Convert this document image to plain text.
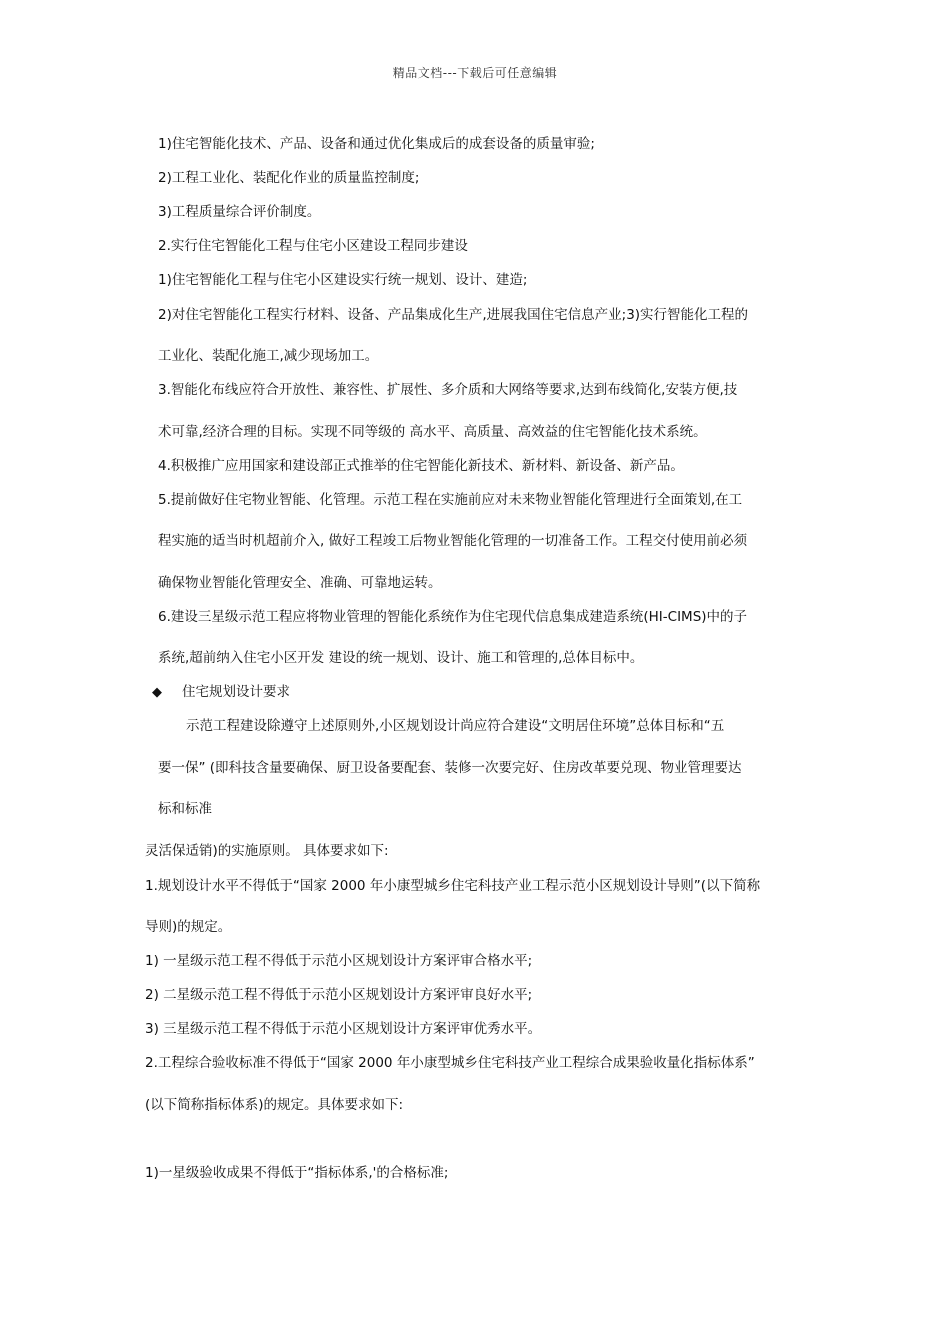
精品文档---下载后可任意编辑
1)住宅智能化技术、产品、设备和通过优化集成后的成套设备的质量审验;
2)工程工业化、装配化作业的质量监控制度;
3)工程质量综合评价制度。
2.实行住宅智能化工程与住宅小区建设工程同步建设
1)住宅智能化工程与住宅小区建设实行统一规划、设计、建造;
2)对住宅智能化工程实行材料、设备、产品集成化生产,进展我国住宅信息产业;3)实行智能化工程的
工业化、装配化施工,减少现场加工。
3.智能化布线应符合开放性、兼容性、扩展性、多介质和大网络等要求,达到布线简化,安装方便,技
术可靠,经济合理的目标。实现不同等级的 高水平、高质量、高效益的住宅智能化技术系统。
4.积极推广应用国家和建设部正式推举的住宅智能化新技术、新材料、新设备、新产品。
5.提前做好住宅物业智能、化管理。示范工程在实施前应对未来物业智能化管理进行全面策划,在工
程实施的适当时机超前介入, 做好工程竣工后物业智能化管理的一切准备工作。工程交付使用前必须
确保物业智能化管理安全、准确、可靠地运转。
6.建设三星级示范工程应将物业管理的智能化系统作为住宅现代信息集成建造系统(HI-CIMS)中的子
系统,超前纳入住宅小区开发 建设的统一规划、设计、施工和管理的,总体目标中。
◆ 住宅规划设计要求
示范工程建设除遵守上述原则外,小区规划设计尚应符合建设“文明居住环境”总体目标和“五
要一保” (即科技含量要确保、厨卫设备要配套、装修一次要完好、住房改革要兑现、物业管理要达
标和标准
灵活保适销)的实施原则。 具体要求如下:
1.规划设计水平不得低于“国家 2000 年小康型城乡住宅科技产业工程示范小区规划设计导则”(以下简称
导则)的规定。
1) 一星级示范工程不得低于示范小区规划设计方案评审合格水平;
2) 二星级示范工程不得低于示范小区规划设计方案评审良好水平;
3) 三星级示范工程不得低于示范小区规划设计方案评审优秀水平。
2.工程综合验收标准不得低于“国家 2000 年小康型城乡住宅科技产业工程综合成果验收量化指标体系”
(以下简称指标体系)的规定。具体要求如下:
1)一星级验收成果不得低于“指标体系,'的合格标准;
